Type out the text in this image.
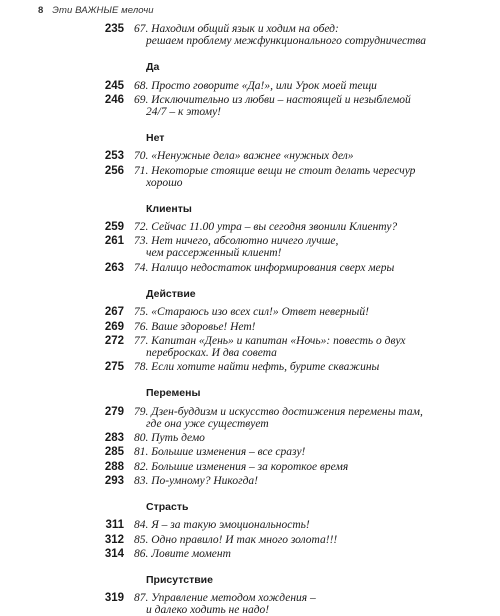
8 Эти ВАЖНЫЕ мелочи
235 67. Находим общий язык и ходим на обед:
решаем проблему межфункционального сотрудничества
Да
245 68. Просто говорите «Да!», или Урок моей тещи
246 69. Исключительно из любви – настоящей и незыблемой
24/7 – к этому!
Нет
253 70. «Ненужные дела» важнее «нужных дел»
256 71. Некоторые стоящие вещи не стоит делать чересчур
хорошо
Клиенты
259 72. Сейчас 11.00 утра – вы сегодня звонили Клиенту?
261 73. Нет ничего, абсолютно ничего лучше,
чем рассерженный клиент!
263 74. Налицо недостаток информирования сверх меры
Действие
267 75. «Стараюсь изо всех сил!» Ответ неверный!
269 76. Ваше здоровье! Нет!
272 77. Капитан «День» и капитан «Ночь»: повесть о двух
переброcках. И два совета
275 78. Если хотите найти нефть, бурите скважины
Перемены
279 79. Дзен-буддизм и искусство достижения перемены там,
где она уже существует
283 80. Путь демо
285 81. Большие изменения – все сразу!
288 82. Большие изменения – за короткое время
293 83. По-умному? Никогда!
Страсть
311 84. Я – за такую эмоциональность!
312 85. Одно правило! И так много золота!!!
314 86. Ловите момент
Присутствие
319 87. Управление методом хождения –
и далеко ходить не надо!
